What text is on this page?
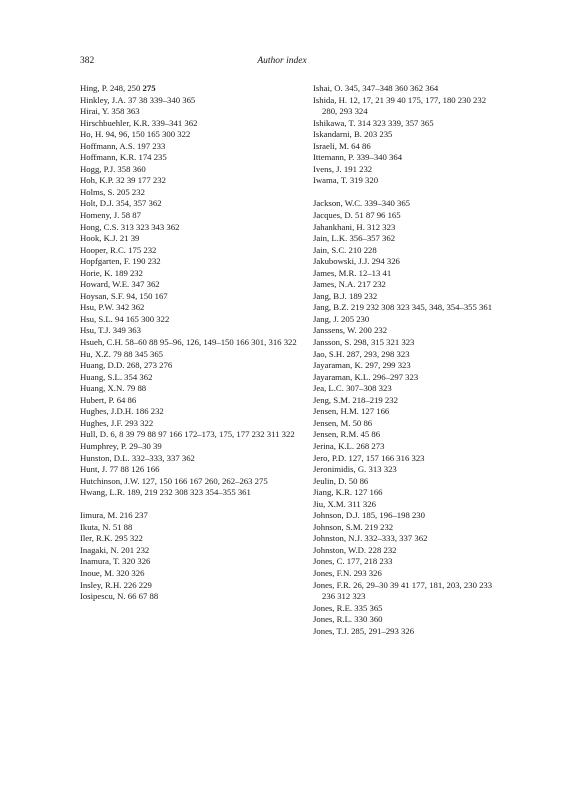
382	Author index
Hing, P. 248, 250 275
Hinkley, J.A. 37 38 339–340 365
Hirai, Y. 358 363
Hirschbuehler, K.R. 339–341 362
Ho, H. 94, 96, 150 165 300 322
Hoffmann, A.S. 197 233
Hoffmann, K.R. 174 235
Hogg, P.J. 358 360
Hoh, K.P. 32 39 177 232
Holms, S. 205 232
Holt, D.J. 354, 357 362
Homeny, J. 58 87
Hong, C.S. 313 323 343 362
Hook, K.J. 21 39
Hooper, R.C. 175 232
Hopfgarten, F. 190 232
Horie, K. 189 232
Howard, W.E. 347 362
Hoysan, S.F. 94, 150 167
Hsu, P.W. 342 362
Hsu, S.L. 94 165 300 322
Hsu, T.J. 349 363
Hsueh, C.H. 58–60 88 95–96, 126, 149–150 166 301, 316 322
Hu, X.Z. 79 88 345 365
Huang, D.D. 268, 273 276
Huang, S.L. 354 362
Huang, X.N. 79 88
Hubert, P. 64 86
Hughes, J.D.H. 186 232
Hughes, J.F. 293 322
Hull, D. 6, 8 39 79 88 97 166 172–173, 175, 177 232 311 322
Humphrey, P. 29–30 39
Hunston, D.L. 332–333, 337 362
Hunt, J. 77 88 126 166
Hutchinson, J.W. 127, 150 166 167 260, 262–263 275
Hwang, L.R. 189, 219 232 308 323 354–355 361
Iimura, M. 216 237
Ikuta, N. 51 88
Iler, R.K. 295 322
Inagaki, N. 201 232
Inamura, T. 320 326
Inoue, M. 320 326
Insley, R.H. 226 229
Iosipescu, N. 66 67 88
Ishai, O. 345, 347–348 360 362 364
Ishida, H. 12, 17, 21 39 40 175, 177, 180 230 232 280, 293 324
Ishikawa, T. 314 323 339, 357 365
Iskandarni, B. 203 235
Israeli, M. 64 86
Ittemann, P. 339–340 364
Ivens, J. 191 232
Iwama, T. 319 320
Jackson, W.C. 339–340 365
Jacques, D. 51 87 96 165
Jahankhani, H. 312 323
Jain, L.K. 356–357 362
Jain, S.C. 210 228
Jakubowski, J.J. 294 326
James, M.R. 12–13 41
James, N.A. 217 232
Jang, B.J. 189 232
Jang, B.Z. 219 232 308 323 345, 348, 354–355 361
Jang, J. 205 230
Janssens, W. 200 232
Jansson, S. 298, 315 321 323
Jao, S.H. 287, 293, 298 323
Jayaraman, K. 297, 299 323
Jayaraman, K.L. 296–297 323
Jea, L.C. 307–308 323
Jeng, S.M. 218–219 232
Jensen, H.M. 127 166
Jensen, M. 50 86
Jensen, R.M. 45 86
Jerina, K.L. 268 273
Jero, P.D. 127, 157 166 316 323
Jeronimidis, G. 313 323
Jeulin, D. 50 86
Jiang, K.R. 127 166
Jiu, X.M. 311 326
Johnson, D.J. 185, 196–198 230
Johnson, S.M. 219 232
Johnston, N.J. 332–333, 337 362
Johnston, W.D. 228 232
Jones, C. 177, 218 233
Jones, F.N. 293 326
Jones, F.R. 26, 29–30 39 41 177, 181, 203, 230 233 236 312 323
Jones, R.E. 335 365
Jones, R.L. 330 360
Jones, T.J. 285, 291–293 326
